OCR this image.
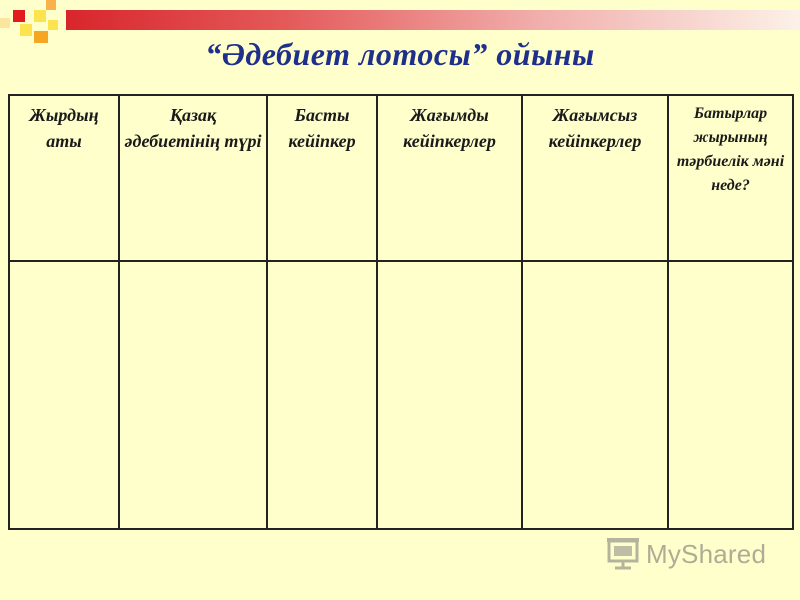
“Әдебиет лотосы” ойыны
Жырдың аты	Қазақ әдебиетінің түрі	Басты кейіпкер	Жағымды кейіпкерлер	Жағымсыз кейіпкерлер	Батырлар жырының тәрбиелік мәні неде?

MyShared
